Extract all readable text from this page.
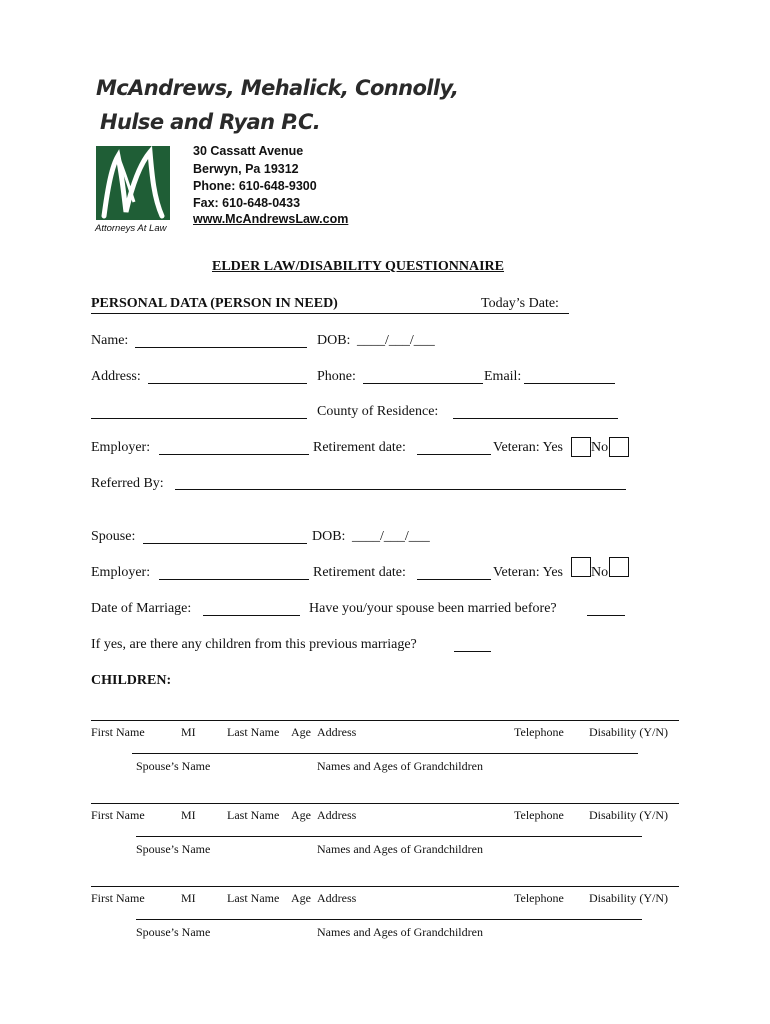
McAndrews, Mehalick, Connolly,
Hulse and Ryan P.C.
30 Cassatt Avenue
Berwyn, Pa 19312
Phone: 610-648-9300
Fax: 610-648-0433
www.McAndrewsLaw.com
Attorneys At Law
ELDER LAW/DISABILITY QUESTIONNAIRE
PERSONAL DATA (PERSON IN NEED)	Today’s Date:
Name:	DOB: ____/___/___
Address:	Phone:	Email:
County of Residence:
Employer:	Retirement date:	Veteran: Yes No
Referred By:
Spouse:	DOB: ____/___/___
Employer:	Retirement date:	Veteran: Yes No
Date of Marriage:	Have you/your spouse been married before?
If yes, are there any children from this previous marriage?
CHILDREN:
First Name	MI	Last Name Age Address	Telephone Disability (Y/N)
Spouse’s Name	Names and Ages of Grandchildren
First Name	MI	Last Name Age Address	Telephone Disability (Y/N)
Spouse’s Name	Names and Ages of Grandchildren
First Name	MI	Last Name Age Address	Telephone Disability (Y/N)
Spouse’s Name	Names and Ages of Grandchildren
